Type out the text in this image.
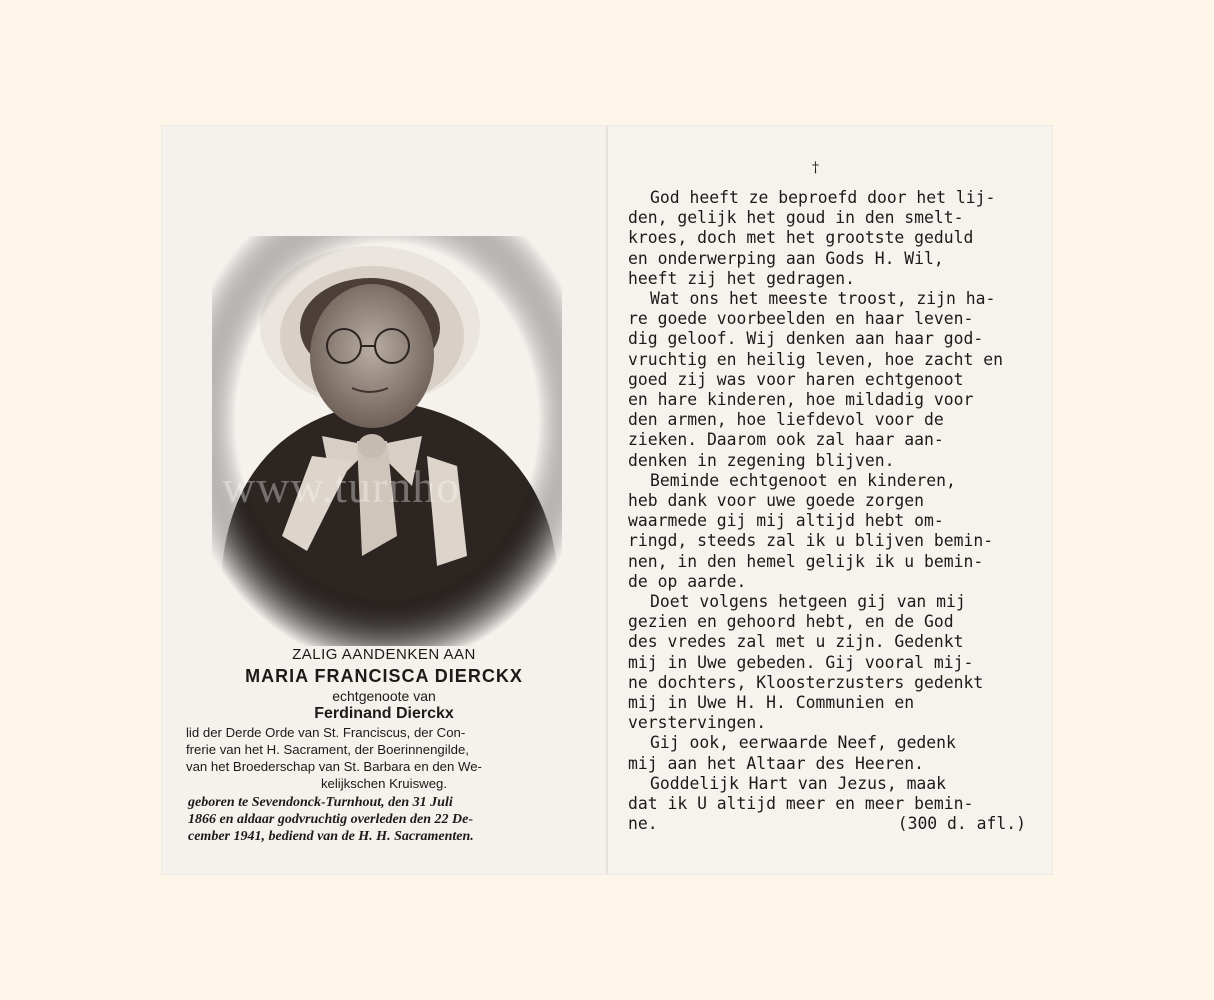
www.turnho
ZALIG AANDENKEN AAN
MARIA FRANCISCA DIERCKX
echtgenoote van
Ferdinand Dierckx
lid der Derde Orde van St. Franciscus, der Con-
frerie van het H. Sacrament, der Boerinnengilde,
van het Broederschap van St. Barbara en den We-
kelijkschen Kruisweg.
geboren te Sevendonck-Turnhout, den 31 Juli
1866 en aldaar godvruchtig overleden den 22 De-
cember 1941, bediend van de H. H. Sacramenten.
†
God heeft ze beproefd door het lij-
den, gelijk het goud in den smelt-
kroes, doch met het grootste geduld
en onderwerping aan Gods H. Wil,
heeft zij het gedragen.
Wat ons het meeste troost, zijn ha-
re goede voorbeelden en haar leven-
dig geloof. Wij denken aan haar god-
vruchtig en heilig leven, hoe zacht en
goed zij was voor haren echtgenoot
en hare kinderen, hoe mildadig voor
den armen, hoe liefdevol voor de
zieken. Daarom ook zal haar aan-
denken in zegening blijven.
Beminde echtgenoot en kinderen,
heb dank voor uwe goede zorgen
waarmede gij mij altijd hebt om-
ringd, steeds zal ik u blijven bemin-
nen, in den hemel gelijk ik u bemin-
de op aarde.
Doet volgens hetgeen gij van mij
gezien en gehoord hebt, en de God
des vredes zal met u zijn. Gedenkt
mij in Uwe gebeden. Gij vooral mij-
ne dochters, Kloosterzusters gedenkt
mij in Uwe H. H. Communien en
verstervingen.
Gij ook, eerwaarde Neef, gedenk
mij aan het Altaar des Heeren.
Goddelijk Hart van Jezus, maak
dat ik U altijd meer en meer bemin-
ne.	(300 d. afl.)
